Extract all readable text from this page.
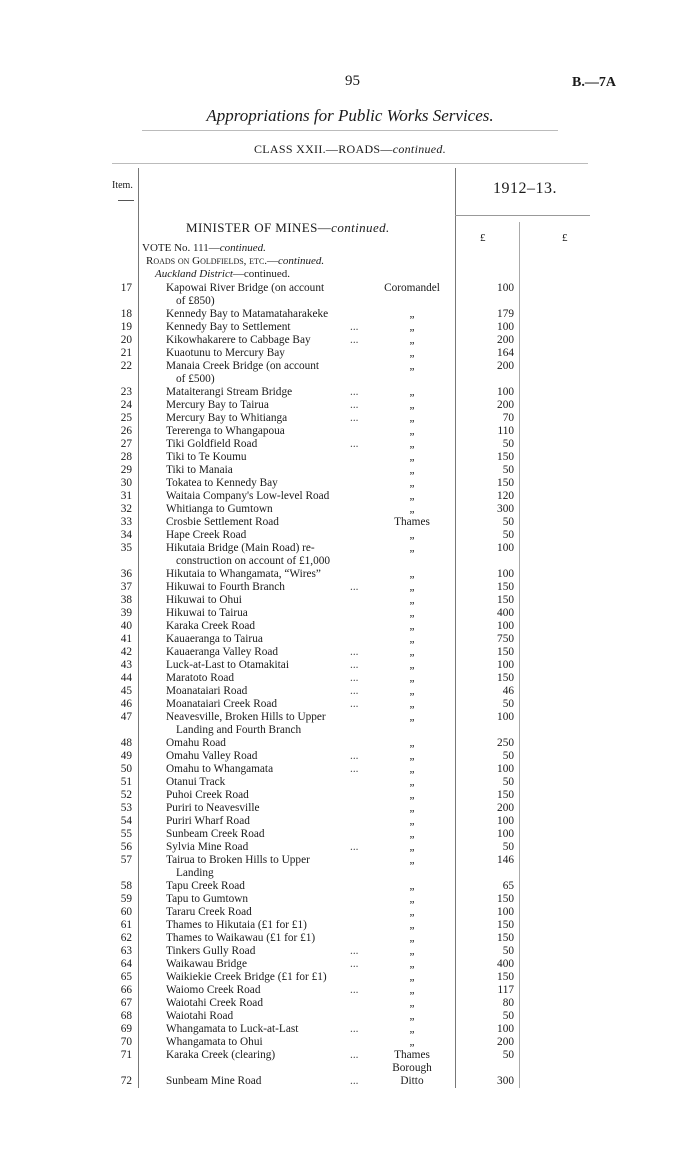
95	B.—7A
Appropriations for Public Works Services.
CLASS XXII.—ROADS—continued.
Item.	1912–13.
MINISTER OF MINES—continued.
£	£
VOTE No. 111—continued.
Roads on Goldfields, etc.—continued.
Auckland District—continued.
17	Kapowai River Bridge (on account	Coromandel	100
of £850)
18	Kennedy Bay to Matamataharakeke	„	179
19	Kennedy Bay to Settlement	...	„	100
20	Kikowhakarere to Cabbage Bay	...	„	200
21	Kuaotunu to Mercury Bay	„	164
22	Manaia Creek Bridge (on account	„	200
of £500)
23	Mataiterangi Stream Bridge	...	„	100
24	Mercury Bay to Tairua	...	„	200
25	Mercury Bay to Whitianga	...	„	70
26	Tererenga to Whangapoua	„	110
27	Tiki Goldfield Road	...	„	50
28	Tiki to Te Koumu	„	150
29	Tiki to Manaia	„	50
30	Tokatea to Kennedy Bay	„	150
31	Waitaia Company's Low-level Road	„	120
32	Whitianga to Gumtown	„	300
33	Crosbie Settlement Road	Thames	50
34	Hape Creek Road	„	50
35	Hikutaia Bridge (Main Road) re-	„	100
construction on account of £1,000
36	Hikutaia to Whangamata, “Wires”	„	100
37	Hikuwai to Fourth Branch	...	„	150
38	Hikuwai to Ohui	„	150
39	Hikuwai to Tairua	„	400
40	Karaka Creek Road	„	100
41	Kauaeranga to Tairua	„	750
42	Kauaeranga Valley Road	...	„	150
43	Luck-at-Last to Otamakitai	...	„	100
44	Maratoto Road	...	„	150
45	Moanataiari Road	...	„	46
46	Moanataiari Creek Road	...	„	50
47	Neavesville, Broken Hills to Upper	„	100
Landing and Fourth Branch
48	Omahu Road	„	250
49	Omahu Valley Road	...	„	50
50	Omahu to Whangamata	...	„	100
51	Otanui Track	„	50
52	Puhoi Creek Road	„	150
53	Puriri to Neavesville	„	200
54	Puriri Wharf Road	„	100
55	Sunbeam Creek Road	„	100
56	Sylvia Mine Road	...	„	50
57	Tairua to Broken Hills to Upper	„	146
Landing
58	Tapu Creek Road	„	65
59	Tapu to Gumtown	„	150
60	Tararu Creek Road	„	100
61	Thames to Hikutaia (£1 for £1)	„	150
62	Thames to Waikawau (£1 for £1)	„	150
63	Tinkers Gully Road	...	„	50
64	Waikawau Bridge	...	„	400
65	Waikiekie Creek Bridge (£1 for £1)	„	150
66	Waiomo Creek Road	...	„	117
67	Waiotahi Creek Road	„	80
68	Waiotahi Road	„	50
69	Whangamata to Luck-at-Last	...	„	100
70	Whangamata to Ohui	„	200
71	Karaka Creek (clearing)	...	Thames	50
Borough
72	Sunbeam Mine Road	...	Ditto	300
